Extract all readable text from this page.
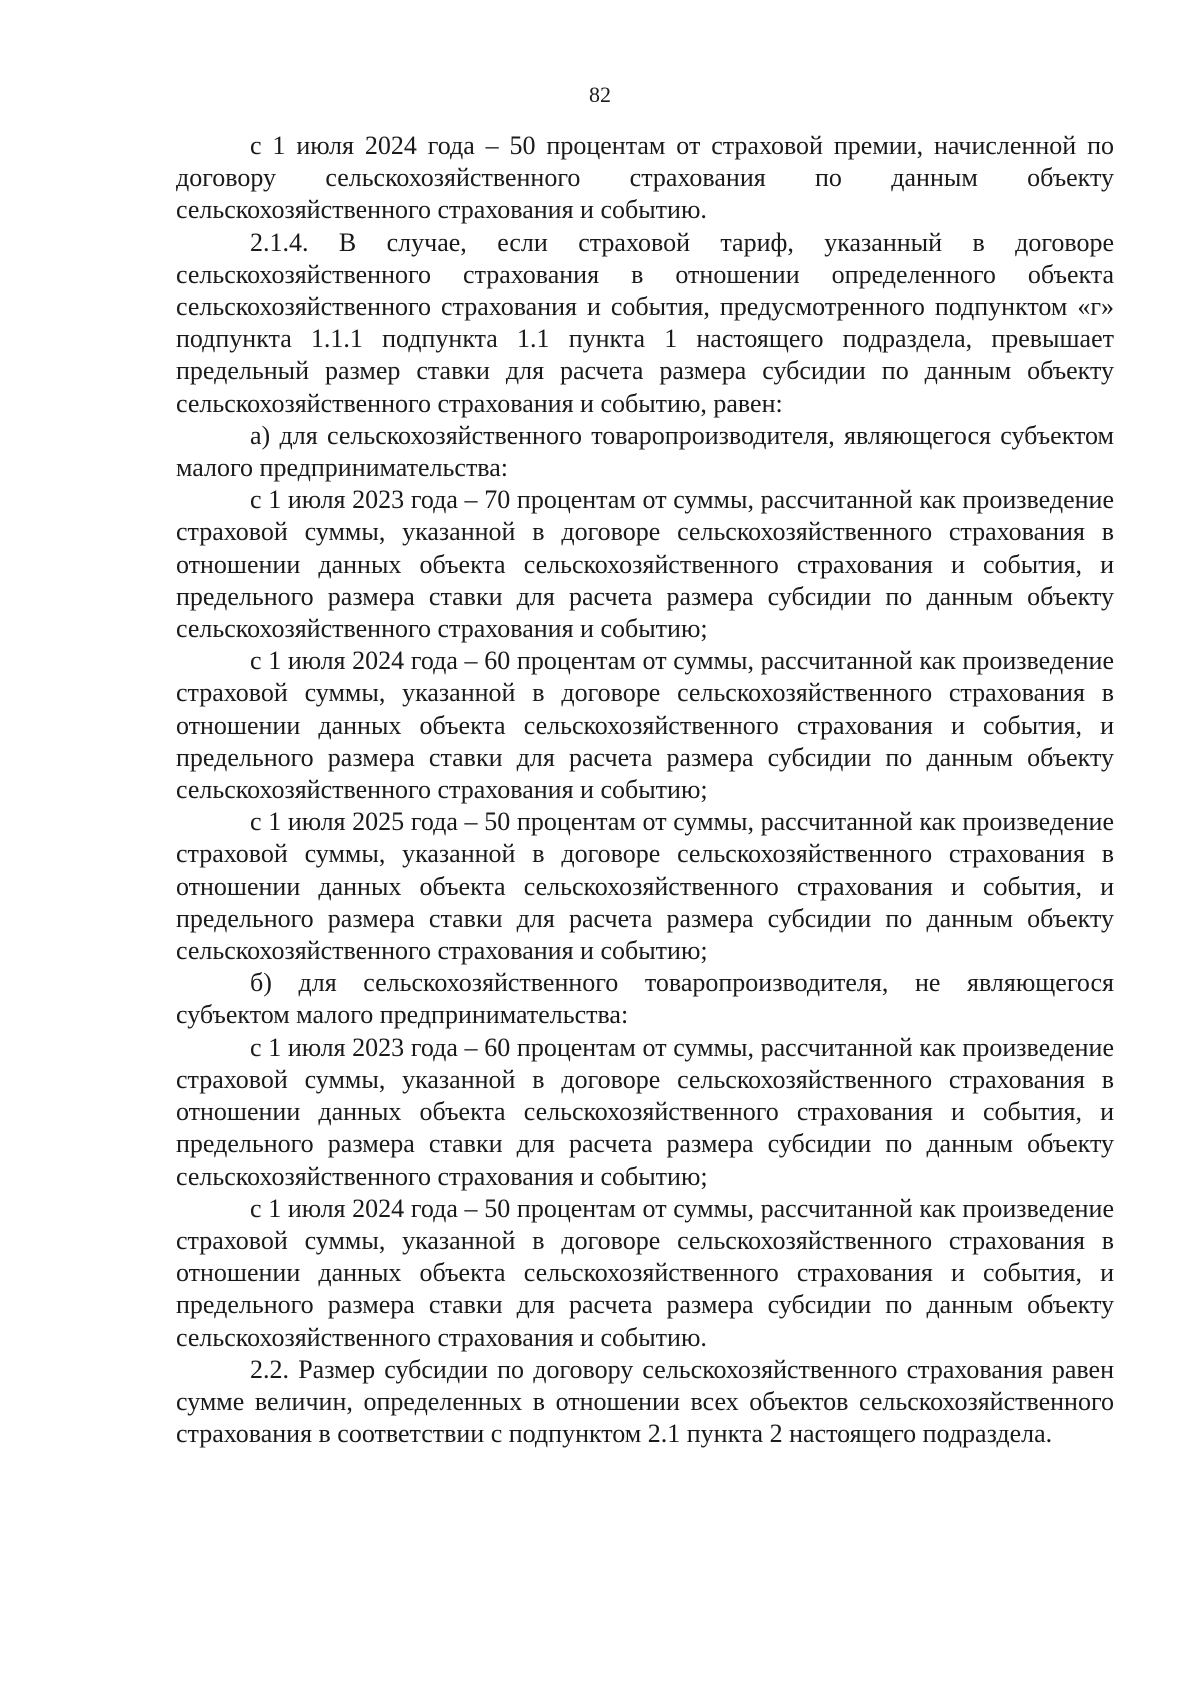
82

с 1 июля 2024 года – 50 процентам от страховой премии, начисленной по договору сельскохозяйственного страхования по данным объекту сельскохозяйственного страхования и событию.

2.1.4. В случае, если страховой тариф, указанный в договоре сельскохозяйственного страхования в отношении определенного объекта сельскохозяйственного страхования и события, предусмотренного подпунктом «г» подпункта 1.1.1 подпункта 1.1 пункта 1 настоящего подраздела, превышает предельный размер ставки для расчета размера субсидии по данным объекту сельскохозяйственного страхования и событию, равен:

а) для сельскохозяйственного товаропроизводителя, являющегося субъектом малого предпринимательства:

с 1 июля 2023 года – 70 процентам от суммы, рассчитанной как произведение страховой суммы, указанной в договоре сельскохозяйственного страхования в отношении данных объекта сельскохозяйственного страхования и события, и предельного размера ставки для расчета размера субсидии по данным объекту сельскохозяйственного страхования и событию;

с 1 июля 2024 года – 60 процентам от суммы, рассчитанной как произведение страховой суммы, указанной в договоре сельскохозяйственного страхования в отношении данных объекта сельскохозяйственного страхования и события, и предельного размера ставки для расчета размера субсидии по данным объекту сельскохозяйственного страхования и событию;

с 1 июля 2025 года – 50 процентам от суммы, рассчитанной как произведение страховой суммы, указанной в договоре сельскохозяйственного страхования в отношении данных объекта сельскохозяйственного страхования и события, и предельного размера ставки для расчета размера субсидии по данным объекту сельскохозяйственного страхования и событию;

б) для сельскохозяйственного товаропроизводителя, не являющегося субъектом малого предпринимательства:

с 1 июля 2023 года – 60 процентам от суммы, рассчитанной как произведение страховой суммы, указанной в договоре сельскохозяйственного страхования в отношении данных объекта сельскохозяйственного страхования и события, и предельного размера ставки для расчета размера субсидии по данным объекту сельскохозяйственного страхования и событию;

с 1 июля 2024 года – 50 процентам от суммы, рассчитанной как произведение страховой суммы, указанной в договоре сельскохозяйственного страхования в отношении данных объекта сельскохозяйственного страхования и события, и предельного размера ставки для расчета размера субсидии по данным объекту сельскохозяйственного страхования и событию.

2.2. Размер субсидии по договору сельскохозяйственного страхования равен сумме величин, определенных в отношении всех объектов сельскохозяйственного страхования в соответствии с подпунктом 2.1 пункта 2 настоящего подраздела.
